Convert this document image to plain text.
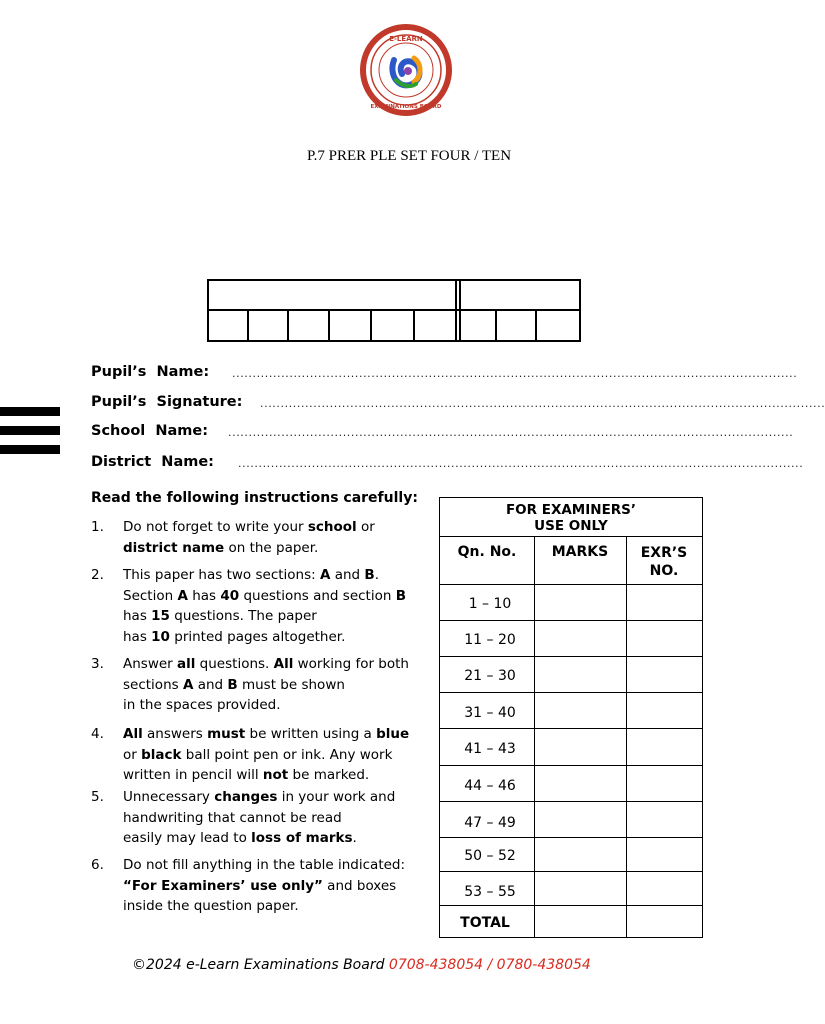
E-LEARN
EXAMINATIONS BOARD
P.7 PRER PLE SET FOUR / TEN
Pupil’s  Name: ..........................................................................................................................................
Pupil’s  Signature: ..........................................................................................................................................
School  Name: ..........................................................................................................................................
District  Name: ..........................................................................................................................................
Read the following instructions carefully:
1.	Do not forget to write your school or
district name on the paper.
2.	This paper has two sections: A and B.
Section A has 40 questions and section B
has 15 questions. The paper
has 10 printed pages altogether.
3.	Answer all questions. All working for both
sections A and B must be shown
in the spaces provided.
4.	All answers must be written using a blue
or black ball point pen or ink. Any work
written in pencil will not be marked.
5.	Unnecessary changes in your work and
handwriting that cannot be read
easily may lead to loss of marks.
6.	Do not fill anything in the table indicated:
“For Examiners’ use only” and boxes
inside the question paper.
FOR EXAMINERS’
USE ONLY
Qn. No.	MARKS	EXR’S
NO.
1 – 10
11 – 20
21 – 30
31 – 40
41 – 43
44 – 46
47 – 49
50 – 52
53 – 55
TOTAL
©2024 e-Learn Examinations Board 0708-438054 / 0780-438054
